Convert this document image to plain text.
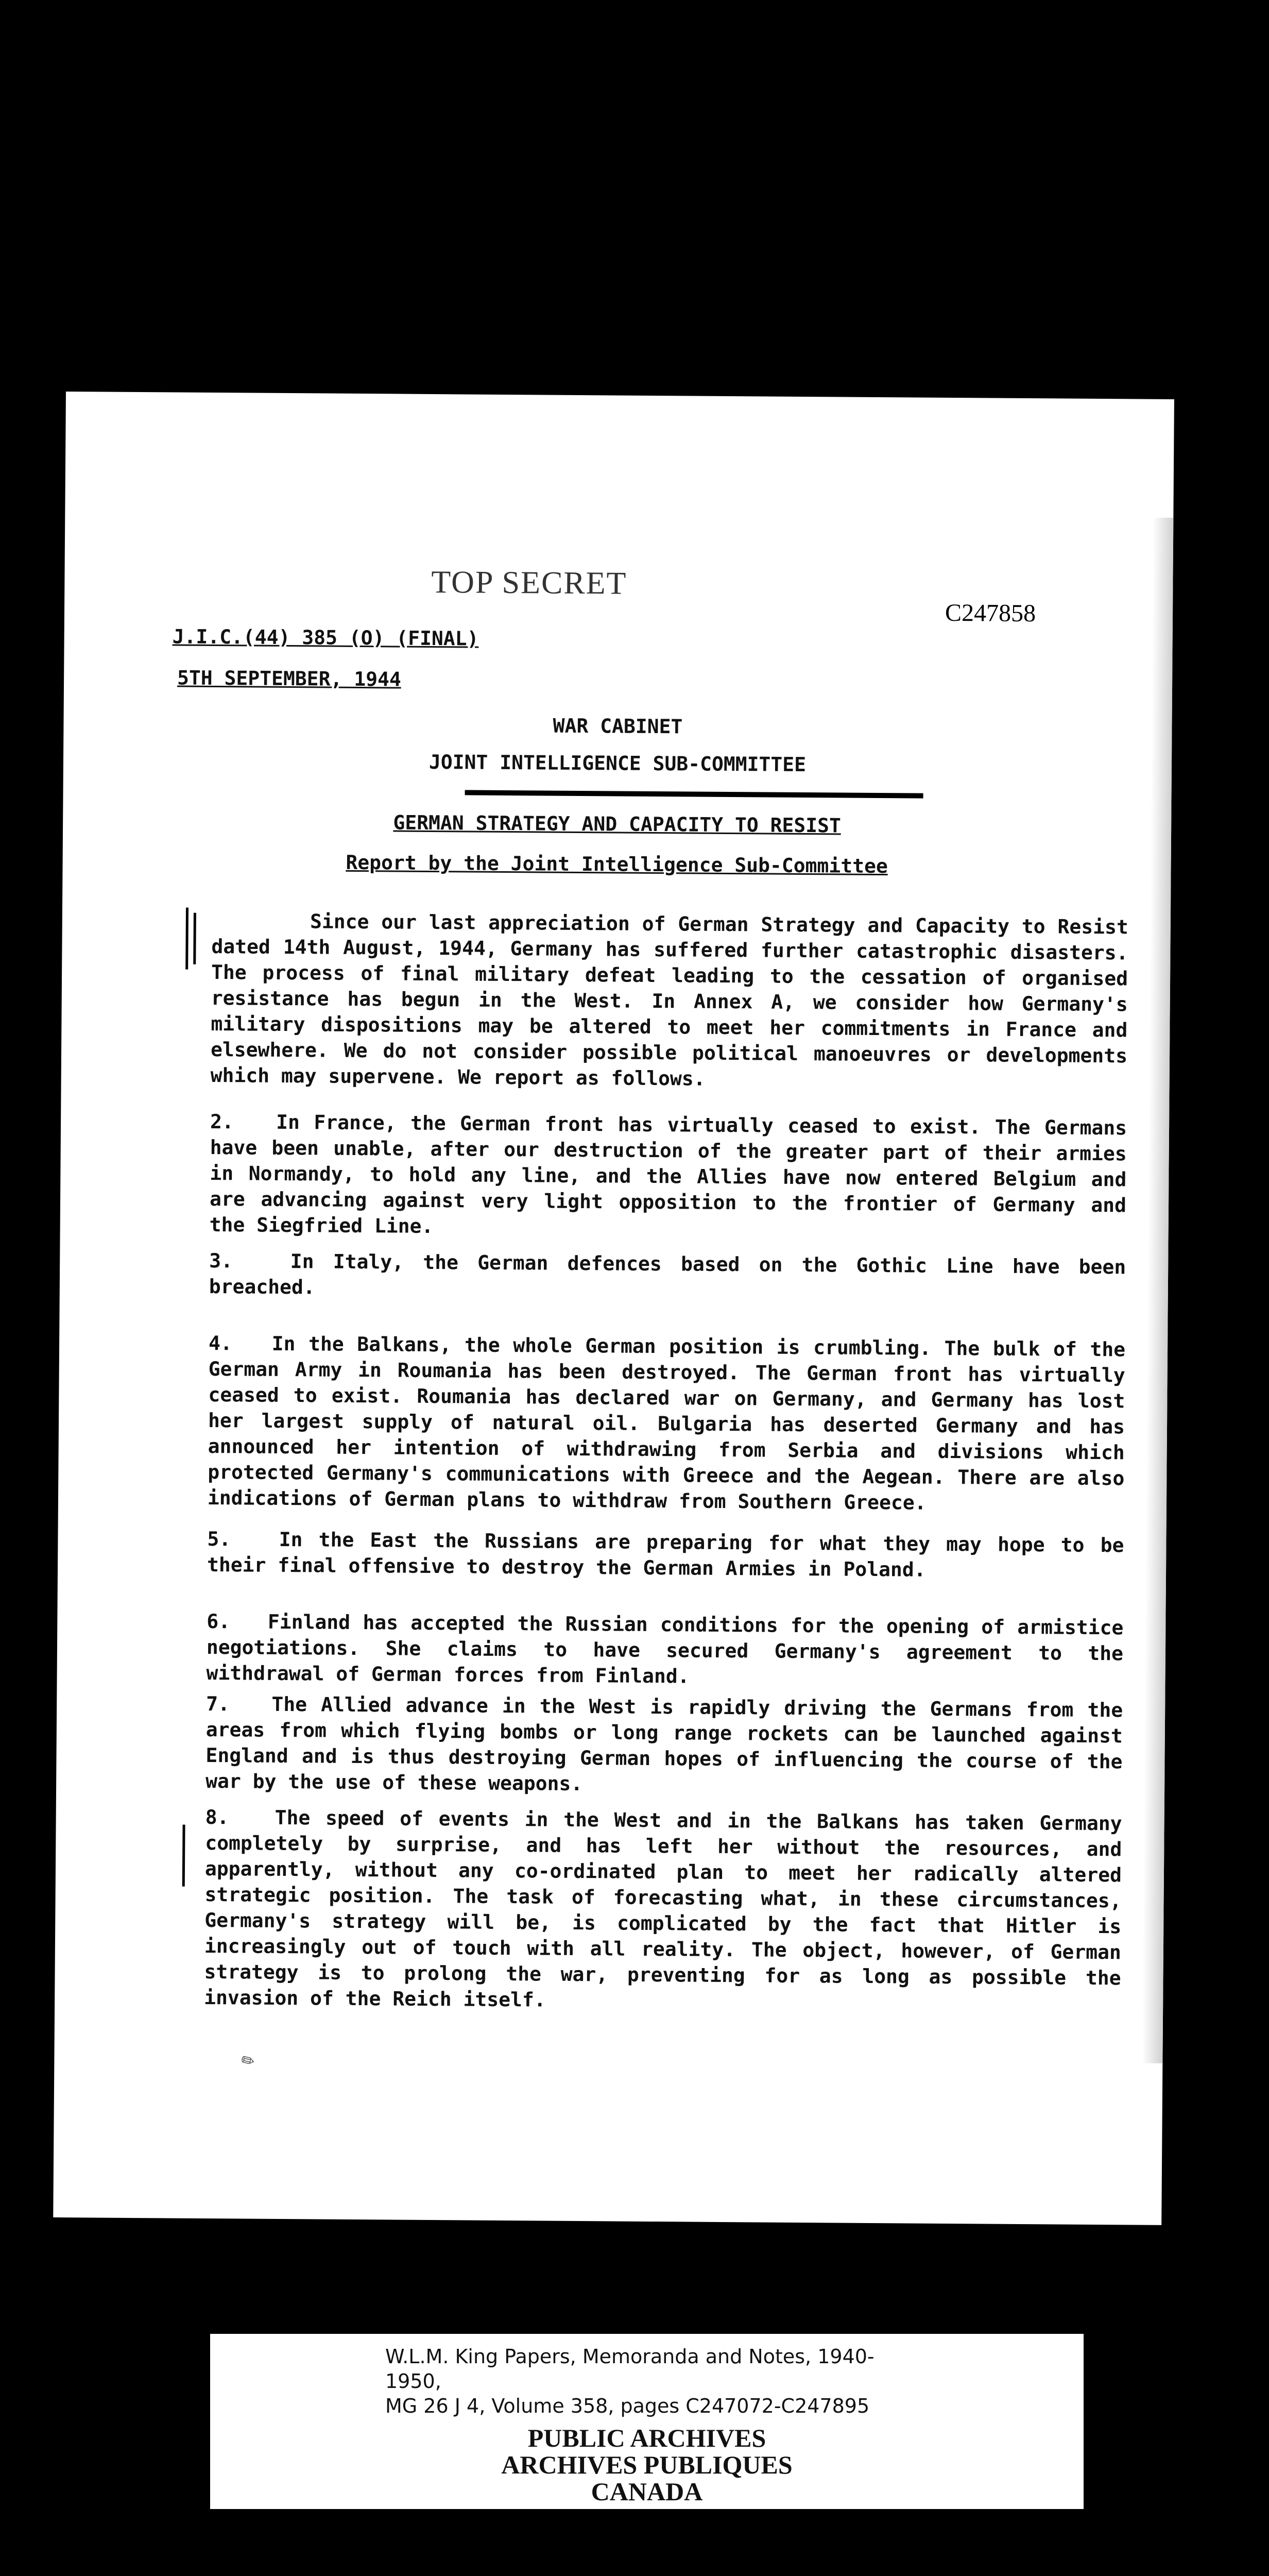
TOP SECRET
C247858
J.I.C.(44) 385 (O) (FINAL)
5TH SEPTEMBER, 1944
WAR CABINET
JOINT INTELLIGENCE SUB-COMMITTEE
GERMAN STRATEGY AND CAPACITY TO RESIST
Report by the Joint Intelligence Sub-Committee
Since our last appreciation of German Strategy and Capacity to Resist dated 14th August, 1944, Germany has suffered further catastrophic disasters. The process of final military defeat leading to the cessation of organised resistance has begun in the West. In Annex A, we consider how Germany's military dispositions may be altered to meet her commitments in France and elsewhere. We do not consider possible political manoeuvres or developments which may supervene. We report as follows.
2.   In France, the German front has virtually ceased to exist. The Germans have been unable, after our destruction of the greater part of their armies in Normandy, to hold any line, and the Allies have now entered Belgium and are advancing against very light opposition to the frontier of Germany and the Siegfried Line.
3.   In Italy, the German defences based on the Gothic Line have been breached.
4.   In the Balkans, the whole German position is crumbling. The bulk of the German Army in Roumania has been destroyed. The German front has virtually ceased to exist. Roumania has declared war on Germany, and Germany has lost her largest supply of natural oil. Bulgaria has deserted Germany and has announced her intention of withdrawing from Serbia and divisions which protected Germany's communications with Greece and the Aegean. There are also indications of German plans to withdraw from Southern Greece.
5.   In the East the Russians are preparing for what they may hope to be their final offensive to destroy the German Armies in Poland.
6.   Finland has accepted the Russian conditions for the opening of armistice negotiations. She claims to have secured Germany's agreement to the withdrawal of German forces from Finland.
7.   The Allied advance in the West is rapidly driving the Germans from the areas from which flying bombs or long range rockets can be launched against England and is thus destroying German hopes of influencing the course of the war by the use of these weapons.
8.   The speed of events in the West and in the Balkans has taken Germany completely by surprise, and has left her without the resources, and apparently, without any co-ordinated plan to meet her radically altered strategic position. The task of forecasting what, in these circumstances, Germany's strategy will be, is complicated by the fact that Hitler is increasingly out of touch with all reality. The object, however, of German strategy is to prolong the war, preventing for as long as possible the invasion of the Reich itself.
✎
W.L.M. King Papers, Memoranda and Notes, 1940-1950,
MG 26 J 4, Volume 358, pages C247072-C247895
PUBLIC ARCHIVES
ARCHIVES PUBLIQUES
CANADA
